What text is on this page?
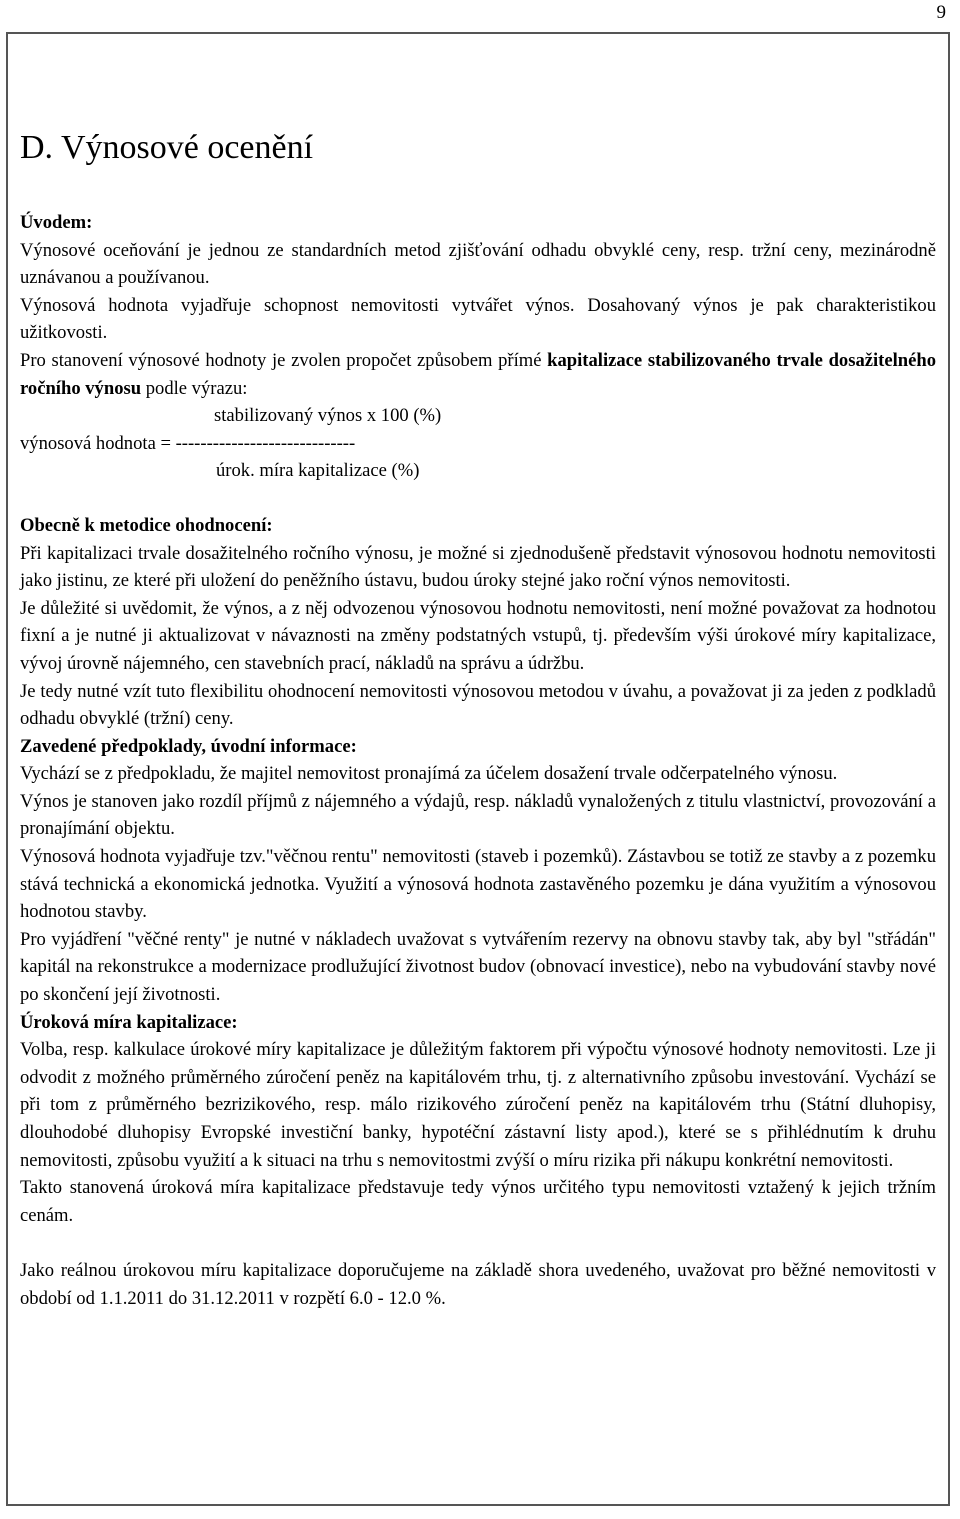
9
D. Výnosové ocenění
Úvodem:

Výnosové oceňování je jednou ze standardních metod zjišťování odhadu obvyklé ceny, resp. tržní ceny, mezinárodně uznávanou a používanou.

Výnosová hodnota vyjadřuje schopnost nemovitosti vytvářet výnos. Dosahovaný výnos je pak charakteristikou užitkovosti.

Pro stanovení výnosové hodnoty je zvolen propočet způsobem přímé kapitalizace stabilizovaného trvale dosažitelného ročního výnosu podle výrazu:

stabilizovaný výnos x 100 (%)

výnosová hodnota = -----------------------------

úrok. míra kapitalizace (%)

Obecně k metodice ohodnocení:

Při kapitalizaci trvale dosažitelného ročního výnosu, je možné si zjednodušeně představit výnosovou hodnotu nemovitosti jako jistinu, ze které při uložení do peněžního ústavu, budou úroky stejné jako roční výnos nemovitosti.

Je důležité si uvědomit, že výnos, a z něj odvozenou výnosovou hodnotu nemovitosti, není možné považovat za hodnotou fixní a je nutné ji aktualizovat v návaznosti na změny podstatných vstupů, tj. především výši úrokové míry kapitalizace, vývoj úrovně nájemného, cen stavebních prací, nákladů na správu a údržbu.

Je tedy nutné vzít tuto flexibilitu ohodnocení nemovitosti výnosovou metodou v úvahu, a považovat ji za jeden z podkladů odhadu obvyklé (tržní) ceny.

Zavedené předpoklady, úvodní informace:

Vychází se z předpokladu, že majitel nemovitost pronajímá za účelem dosažení trvale odčerpatelného výnosu.

Výnos je stanoven jako rozdíl příjmů z nájemného a výdajů, resp. nákladů vynaložených z titulu vlastnictví, provozování a pronajímání objektu.

Výnosová hodnota vyjadřuje tzv."věčnou rentu" nemovitosti (staveb i pozemků). Zástavbou se totiž ze stavby a z pozemku stává technická a ekonomická jednotka. Využití a výnosová hodnota zastavěného pozemku je dána využitím a výnosovou hodnotou stavby.

Pro vyjádření "věčné renty" je nutné v nákladech uvažovat s vytvářením rezervy na obnovu stavby tak, aby byl "střádán" kapitál na rekonstrukce a modernizace prodlužující životnost budov (obnovací investice), nebo na vybudování stavby nové po skončení její životnosti.

Úroková míra kapitalizace:

Volba, resp. kalkulace úrokové míry kapitalizace je důležitým faktorem při výpočtu výnosové hodnoty nemovitosti. Lze ji odvodit z možného průměrného zúročení peněz na kapitálovém trhu, tj. z alternativního způsobu investování. Vychází se při tom z průměrného bezrizikového, resp. málo rizikového zúročení peněz na kapitálovém trhu (Státní dluhopisy, dlouhodobé dluhopisy Evropské investiční banky, hypotéční zástavní listy apod.), které se s přihlédnutím k druhu nemovitosti, způsobu využití a k situaci na trhu s nemovitostmi zvýší o míru rizika při nákupu konkrétní nemovitosti.

Takto stanovená úroková míra kapitalizace představuje tedy výnos určitého typu nemovitosti vztažený k jejich tržním cenám.

Jako reálnou úrokovou míru kapitalizace doporučujeme na základě shora uvedeného, uvažovat pro běžné nemovitosti v období od 1.1.2011 do 31.12.2011 v rozpětí 6.0 - 12.0 %.
